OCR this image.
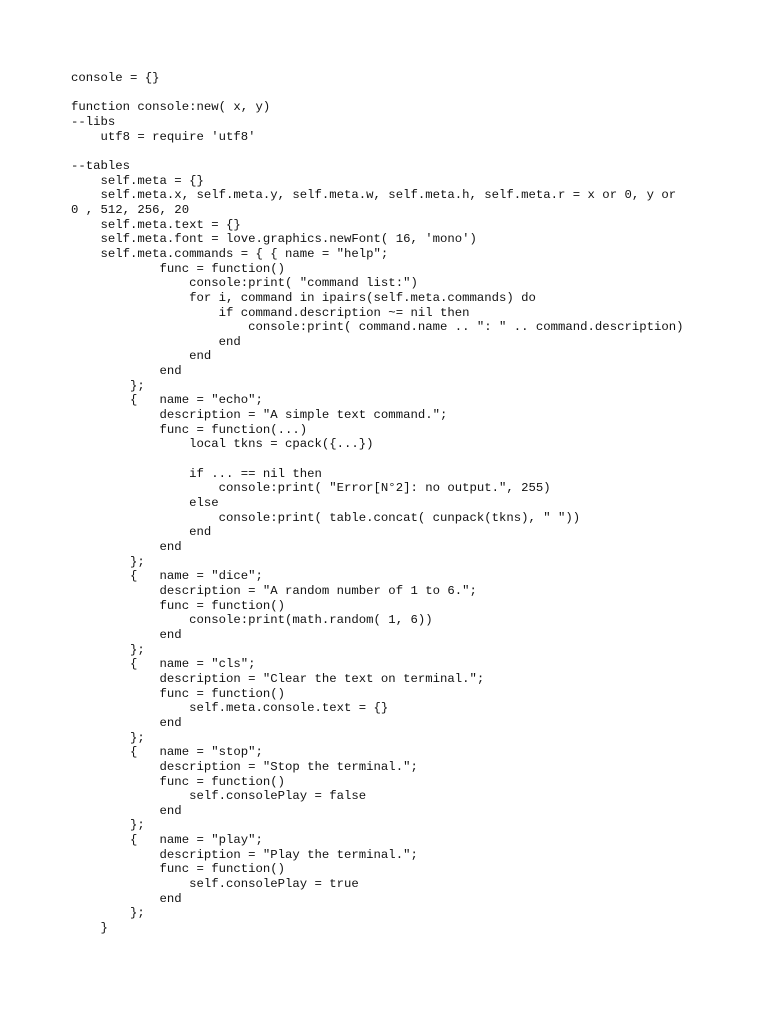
console = {}
function console:new( x, y)
--libs
utf8 = require 'utf8'
--tables
self.meta = {}
self.meta.x, self.meta.y, self.meta.w, self.meta.h, self.meta.r = x or 0, y or
0 , 512, 256, 20
self.meta.text = {}
self.meta.font = love.graphics.newFont( 16, 'mono')
self.meta.commands = { { name = "help";
func = function()
console:print( "command list:")
for i, command in ipairs(self.meta.commands) do
if command.description ~= nil then
console:print( command.name .. ": " .. command.description)
end
end
end
};
{   name = "echo";
description = "A simple text command.";
func = function(...)
local tkns = cpack({...})
if ... == nil then
console:print( "Error[N°2]: no output.", 255)
else
console:print( table.concat( cunpack(tkns), " "))
end
end
};
{   name = "dice";
description = "A random number of 1 to 6.";
func = function()
console:print(math.random( 1, 6))
end
};
{   name = "cls";
description = "Clear the text on terminal.";
func = function()
self.meta.console.text = {}
end
};
{   name = "stop";
description = "Stop the terminal.";
func = function()
self.consolePlay = false
end
};
{   name = "play";
description = "Play the terminal.";
func = function()
self.consolePlay = true
end
};
}
